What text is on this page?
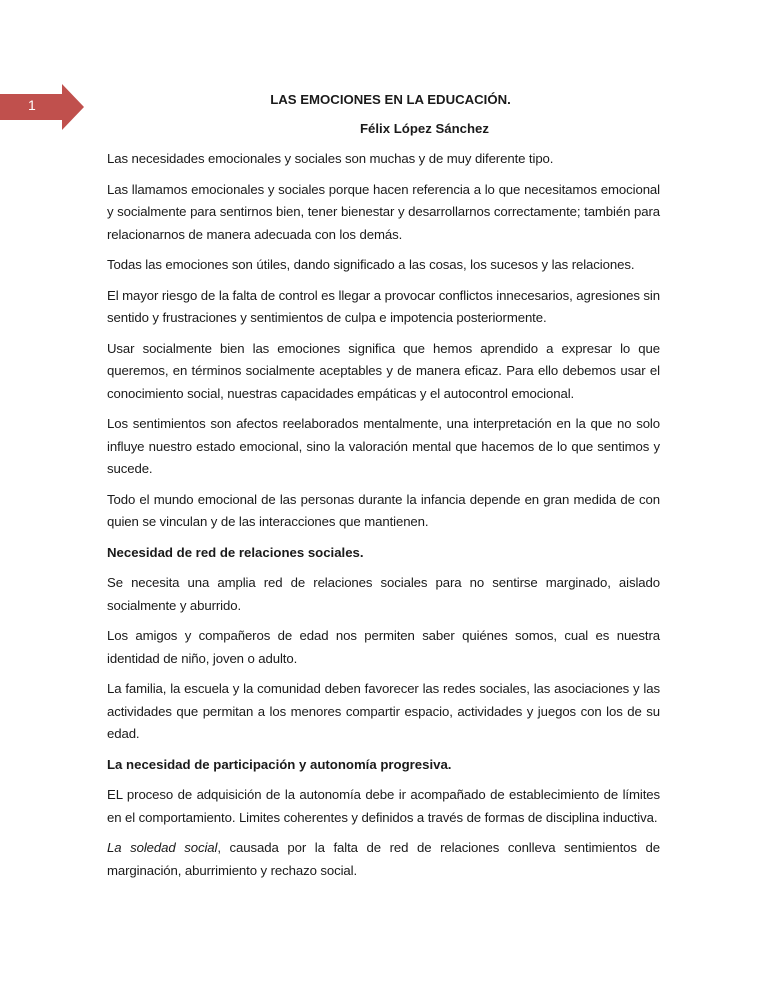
1	LAS EMOCIONES EN LA EDUCACIÓN.
Félix López Sánchez

Las necesidades emocionales y sociales son muchas y de muy diferente tipo.

Las llamamos emocionales y sociales porque hacen referencia a lo que necesitamos emocional y socialmente para sentirnos bien, tener bienestar y desarrollarnos correctamente; también para relacionarnos de manera adecuada con los demás.

Todas las emociones son útiles, dando significado a las cosas, los sucesos y las relaciones.

El mayor riesgo de la falta de control es llegar a provocar conflictos innecesarios, agresiones sin sentido y frustraciones y sentimientos de culpa e impotencia posteriormente.

Usar socialmente bien las emociones significa que hemos aprendido a expresar lo que queremos, en términos socialmente aceptables y de manera eficaz. Para ello debemos usar el conocimiento social, nuestras capacidades empáticas y el autocontrol emocional.

Los sentimientos son afectos reelaborados mentalmente, una interpretación en la que no solo influye nuestro estado emocional, sino la valoración mental que hacemos de lo que sentimos y sucede.

Todo el mundo emocional de las personas durante la infancia depende en gran medida de con quien se vinculan y de las interacciones que mantienen.

Necesidad de red de relaciones sociales.

Se necesita una amplia red de relaciones sociales para no sentirse marginado, aislado socialmente y aburrido.

Los amigos y compañeros de edad nos permiten saber quiénes somos, cual es nuestra identidad de niño, joven o adulto.

La familia, la escuela y la comunidad deben favorecer las redes sociales, las asociaciones y las actividades que permitan a los menores compartir espacio, actividades y juegos con los de su edad.

La necesidad de participación y autonomía progresiva.

EL proceso de adquisición de la autonomía debe ir acompañado de establecimiento de límites en el comportamiento. Limites coherentes y definidos a través de formas de disciplina inductiva.

La soledad social, causada por la falta de red de relaciones conlleva sentimientos de marginación, aburrimiento y rechazo social.
